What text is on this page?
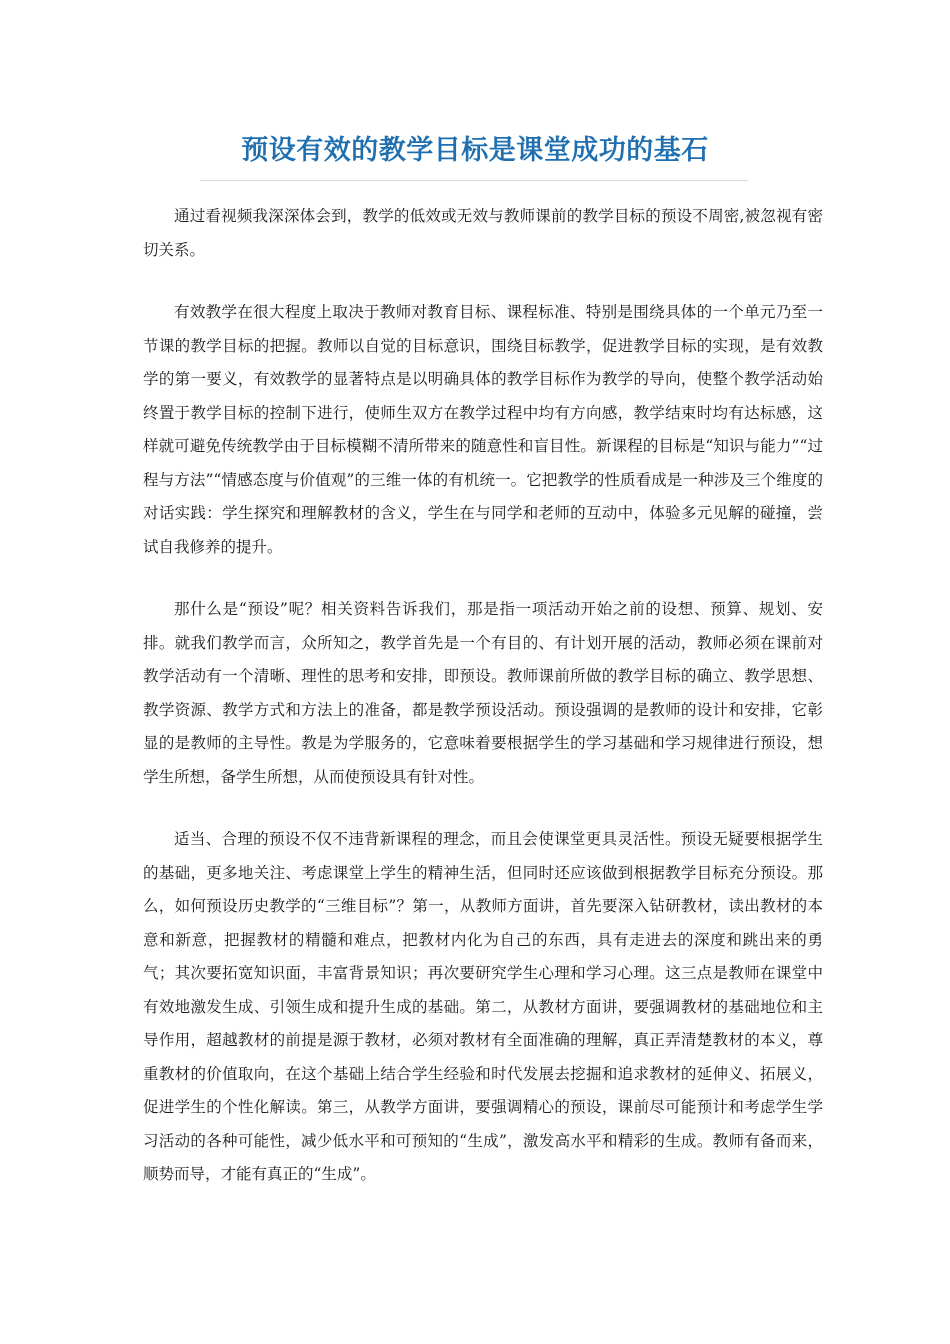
预设有效的教学目标是课堂成功的基石

通过看视频我深深体会到，教学的低效或无效与教师课前的教学目标的预设不周密,被忽视有密切关系。

有效教学在很大程度上取决于教师对教育目标、课程标准、特别是围绕具体的一个单元乃至一节课的教学目标的把握。教师以自觉的目标意识，围绕目标教学，促进教学目标的实现，是有效教学的第一要义，有效教学的显著特点是以明确具体的教学目标作为教学的导向，使整个教学活动始终置于教学目标的控制下进行，使师生双方在教学过程中均有方向感，教学结束时均有达标感，这样就可避免传统教学由于目标模糊不清所带来的随意性和盲目性。新课程的目标是“知识与能力”“过程与方法”“情感态度与价值观”的三维一体的有机统一。它把教学的性质看成是一种涉及三个维度的对话实践：学生探究和理解教材的含义，学生在与同学和老师的互动中，体验多元见解的碰撞，尝试自我修养的提升。

那什么是“预设”呢？相关资料告诉我们，那是指一项活动开始之前的设想、预算、规划、安排。就我们教学而言，众所知之，教学首先是一个有目的、有计划开展的活动，教师必须在课前对教学活动有一个清晰、理性的思考和安排，即预设。教师课前所做的教学目标的确立、教学思想、教学资源、教学方式和方法上的准备，都是教学预设活动。预设强调的是教师的设计和安排，它彰显的是教师的主导性。教是为学服务的，它意味着要根据学生的学习基础和学习规律进行预设，想学生所想，备学生所想，从而使预设具有针对性。

适当、合理的预设不仅不违背新课程的理念，而且会使课堂更具灵活性。预设无疑要根据学生的基础，更多地关注、考虑课堂上学生的精神生活，但同时还应该做到根据教学目标充分预设。那么，如何预设历史教学的“三维目标”？第一，从教师方面讲，首先要深入钻研教材，读出教材的本意和新意，把握教材的精髓和难点，把教材内化为自己的东西，具有走进去的深度和跳出来的勇气；其次要拓宽知识面，丰富背景知识；再次要研究学生心理和学习心理。这三点是教师在课堂中有效地激发生成、引领生成和提升生成的基础。第二，从教材方面讲，要强调教材的基础地位和主导作用，超越教材的前提是源于教材，必须对教材有全面准确的理解，真正弄清楚教材的本义，尊重教材的价值取向，在这个基础上结合学生经验和时代发展去挖掘和追求教材的延伸义、拓展义，促进学生的个性化解读。第三，从教学方面讲，要强调精心的预设，课前尽可能预计和考虑学生学习活动的各种可能性，减少低水平和可预知的“生成”，激发高水平和精彩的生成。教师有备而来，顺势而导，才能有真正的“生成”。
